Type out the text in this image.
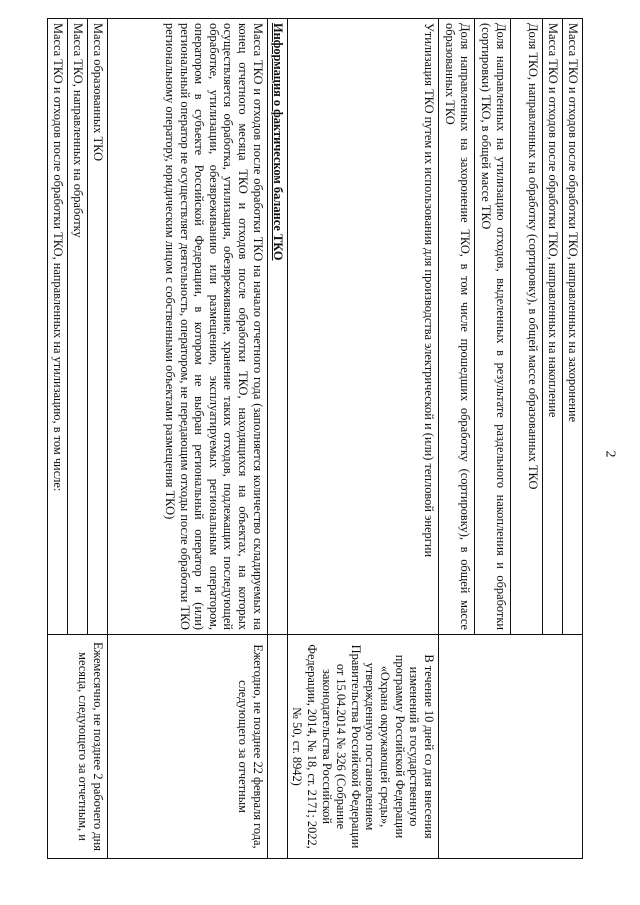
2
Масса ТКО и отходов после обработки ТКО, направленных на захоронение	
Масса ТКО и отходов после обработки ТКО, направленных на накопление	
Доля ТКО, направленных на обработку (сортировку), в общей массе образованных ТКО	
Доля направленных на утилизацию отходов, выделенных в результате раздельного накопления и обработки (сортировки) ТКО, в общей массе ТКО	
Доля направленных на захоронение ТКО, в том числе прошедших обработку (сортировку), в общей массе образованных ТКО	
Утилизация ТКО путем их использования для производства электрической и (или) тепловой энергии	В течение 10 дней со дня внесения изменений в государственную программу Российской Федерации «Охрана окружающей среды», утвержденную постановлением Правительства Российской Федерации от 15.04.2014 № 326 (Собрание законодательства Российской Федерации, 2014, № 18, ст. 2171; 2022, № 50, ст. 8942)
Информация о фактическом балансе ТКО	
Масса ТКО и отходов после обработки ТКО на начало отчетного года (заполняется количество складируемых на конец отчетного месяца ТКО и отходов после обработки ТКО, находящихся на объектах, на которых осуществляется обработка, утилизация, обезвреживание, хранение таких отходов, подлежащих последующей обработке, утилизации, обезвреживанию или размещению, эксплуатируемых региональным оператором, оператором в субъекте Российской Федерации, в котором не выбран региональный оператор и (или) региональный оператор не осуществляет деятельность, оператором, не передающим отходы после обработки ТКО региональному оператору, юридическим лицом с собственными объектами размещения ТКО)	Ежегодно, не позднее 22 февраля года, следующего за отчетным
Масса образованных ТКО	Ежемесячно, не позднее 2 рабочего дня месяца, следующего за отчетным, и
Масса ТКО, направленных на обработку	
Масса ТКО и отходов после обработки ТКО, направленных на утилизацию, в том числе:	
